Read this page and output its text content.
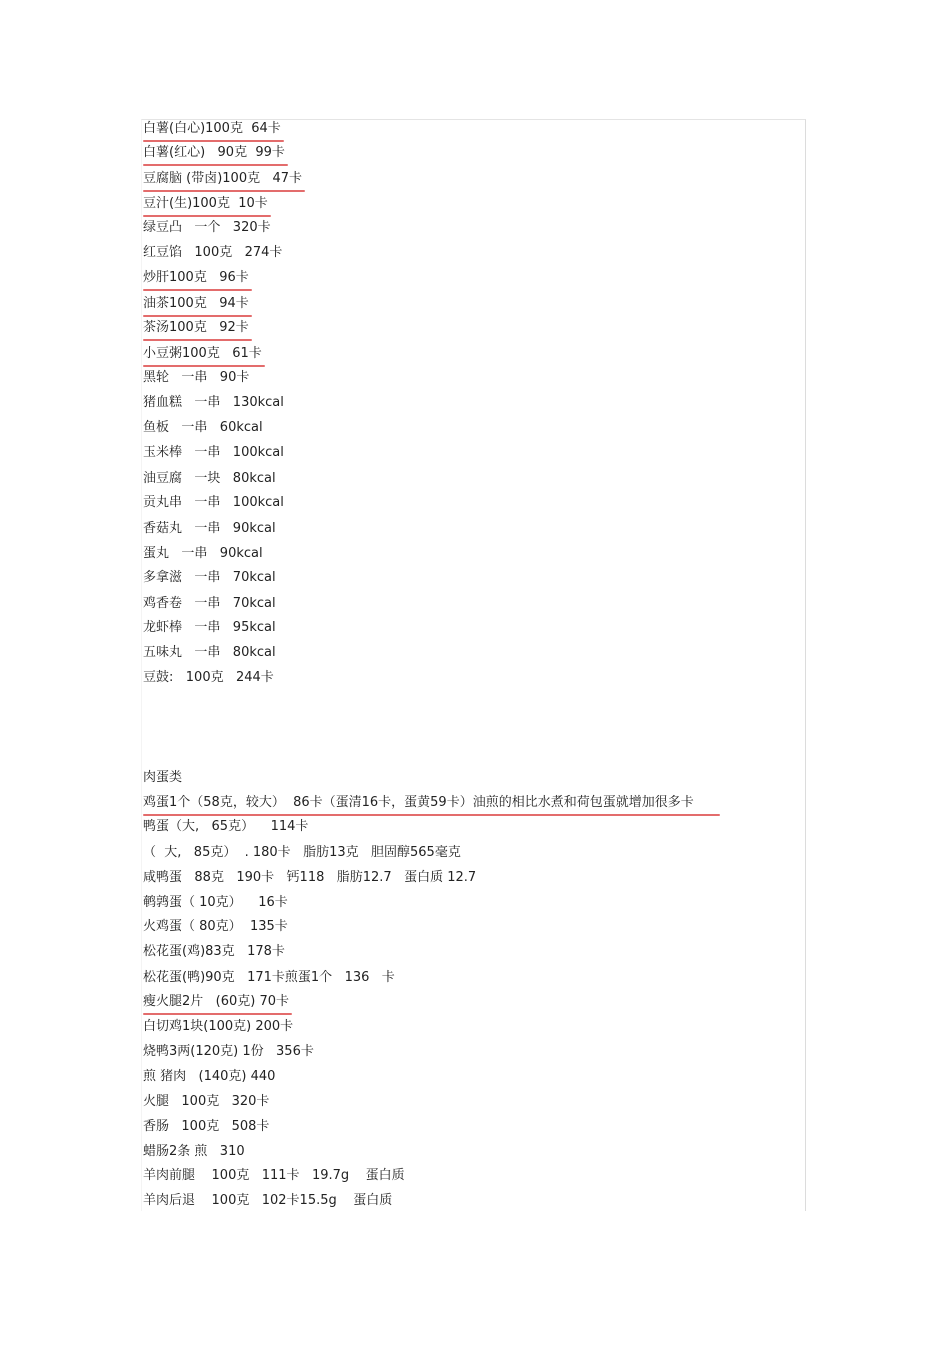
白薯(白心)100克  64卡
白薯(红心)   90克  99卡
豆腐脑 (带卤)100克   47卡
豆汁(生)100克  10卡
绿豆凸   一个   320卡
红豆馅   100克   274卡
炒肝100克   96卡
油茶100克   94卡
茶汤100克   92卡
小豆粥100克   61卡
黑轮   一串   90卡
猪血糕   一串   130kcal
鱼板   一串   60kcal
玉米棒   一串   100kcal
油豆腐   一块   80kcal
贡丸串   一串   100kcal
香菇丸   一串   90kcal
蛋丸   一串   90kcal
多拿滋   一串   70kcal
鸡香卷   一串   70kcal
龙虾棒   一串   95kcal
五味丸   一串   80kcal
豆鼓:   100克   244卡
肉蛋类
鸡蛋1个（58克，较大）  86卡（蛋清16卡，蛋黄59卡）油煎的相比水煮和荷包蛋就增加很多卡
鸭蛋（大,   65克）    114卡
（  大,   85克）  . 180卡   脂肪13克   胆固醇565毫克
咸鸭蛋   88克   190卡   钙118   脂肪12.7   蛋白质 12.7
鹌鹑蛋（ 10克）    16卡
火鸡蛋（ 80克）  135卡
松花蛋(鸡)83克   178卡
松花蛋(鸭)90克   171卡煎蛋1个   136   卡
瘦火腿2片   (60克) 70卡
白切鸡1块(100克) 200卡
烧鸭3两(120克) 1份   356卡
煎 猪肉   (140克) 440
火腿   100克   320卡
香肠   100克   508卡
蜡肠2条 煎   310
羊肉前腿    100克   111卡   19.7g    蛋白质
羊肉后退    100克   102卡15.5g    蛋白质
